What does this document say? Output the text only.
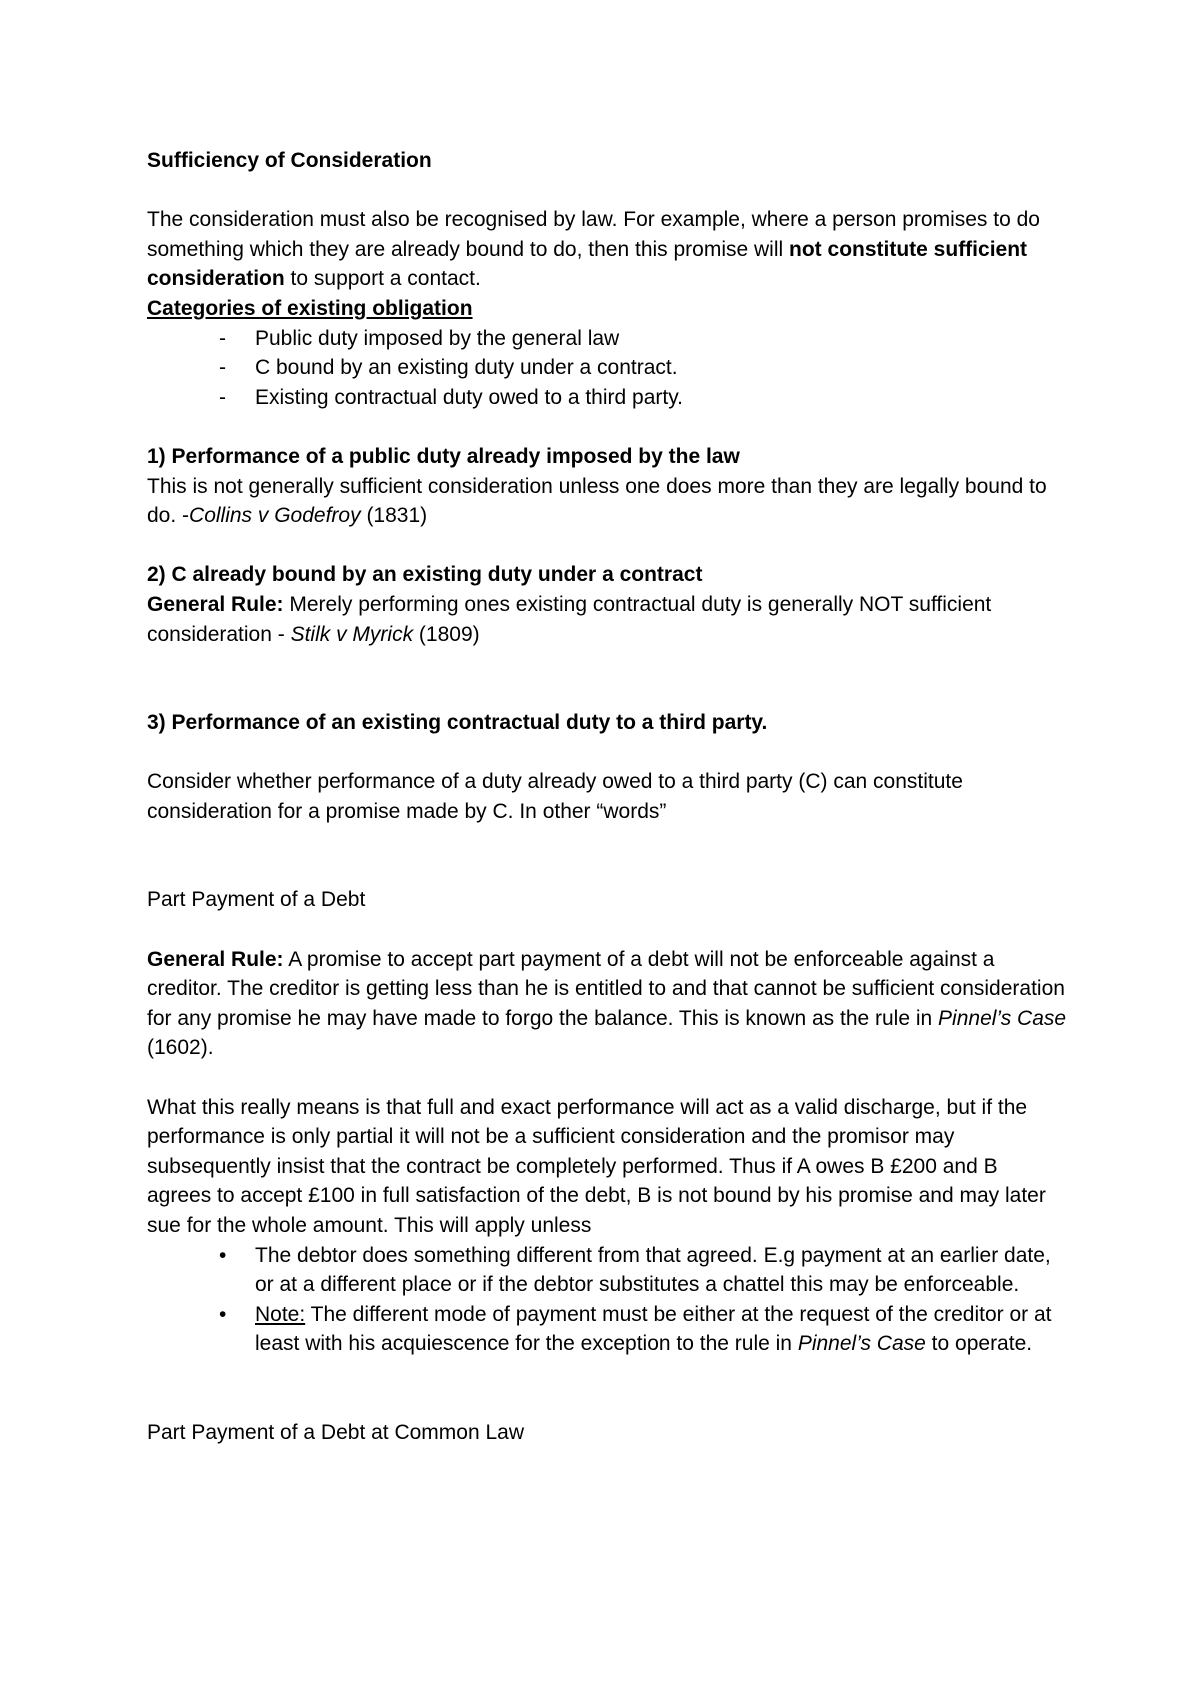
Sufficiency of Consideration

The consideration must also be recognised by law. For example, where a person promises to do something which they are already bound to do, then this promise will not constitute sufficient consideration to support a contact.

Categories of existing obligation

- Public duty imposed by the general law
- C bound by an existing duty under a contract.
- Existing contractual duty owed to a third party.

1) Performance of a public duty already imposed by the law

This is not generally sufficient consideration unless one does more than they are legally bound to do. -Collins v Godefroy (1831)

2) C already bound by an existing duty under a contract

General Rule: Merely performing ones existing contractual duty is generally NOT sufficient consideration - Stilk v Myrick (1809)

3) Performance of an existing contractual duty to a third party.

Consider whether performance of a duty already owed to a third party (C) can constitute consideration for a promise made by C. In other “words”

Part Payment of a Debt

General Rule: A promise to accept part payment of a debt will not be enforceable against a creditor. The creditor is getting less than he is entitled to and that cannot be sufficient consideration for any promise he may have made to forgo the balance. This is known as the rule in Pinnel’s Case (1602).

What this really means is that full and exact performance will act as a valid discharge, but if the performance is only partial it will not be a sufficient consideration and the promisor may subsequently insist that the contract be completely performed. Thus if A owes B £200 and B agrees to accept £100 in full satisfaction of the debt, B is not bound by his promise and may later sue for the whole amount. This will apply unless

• The debtor does something different from that agreed. E.g payment at an earlier date, or at a different place or if the debtor substitutes a chattel this may be enforceable.
• Note: The different mode of payment must be either at the request of the creditor or at least with his acquiescence for the exception to the rule in Pinnel’s Case to operate.

Part Payment of a Debt at Common Law
